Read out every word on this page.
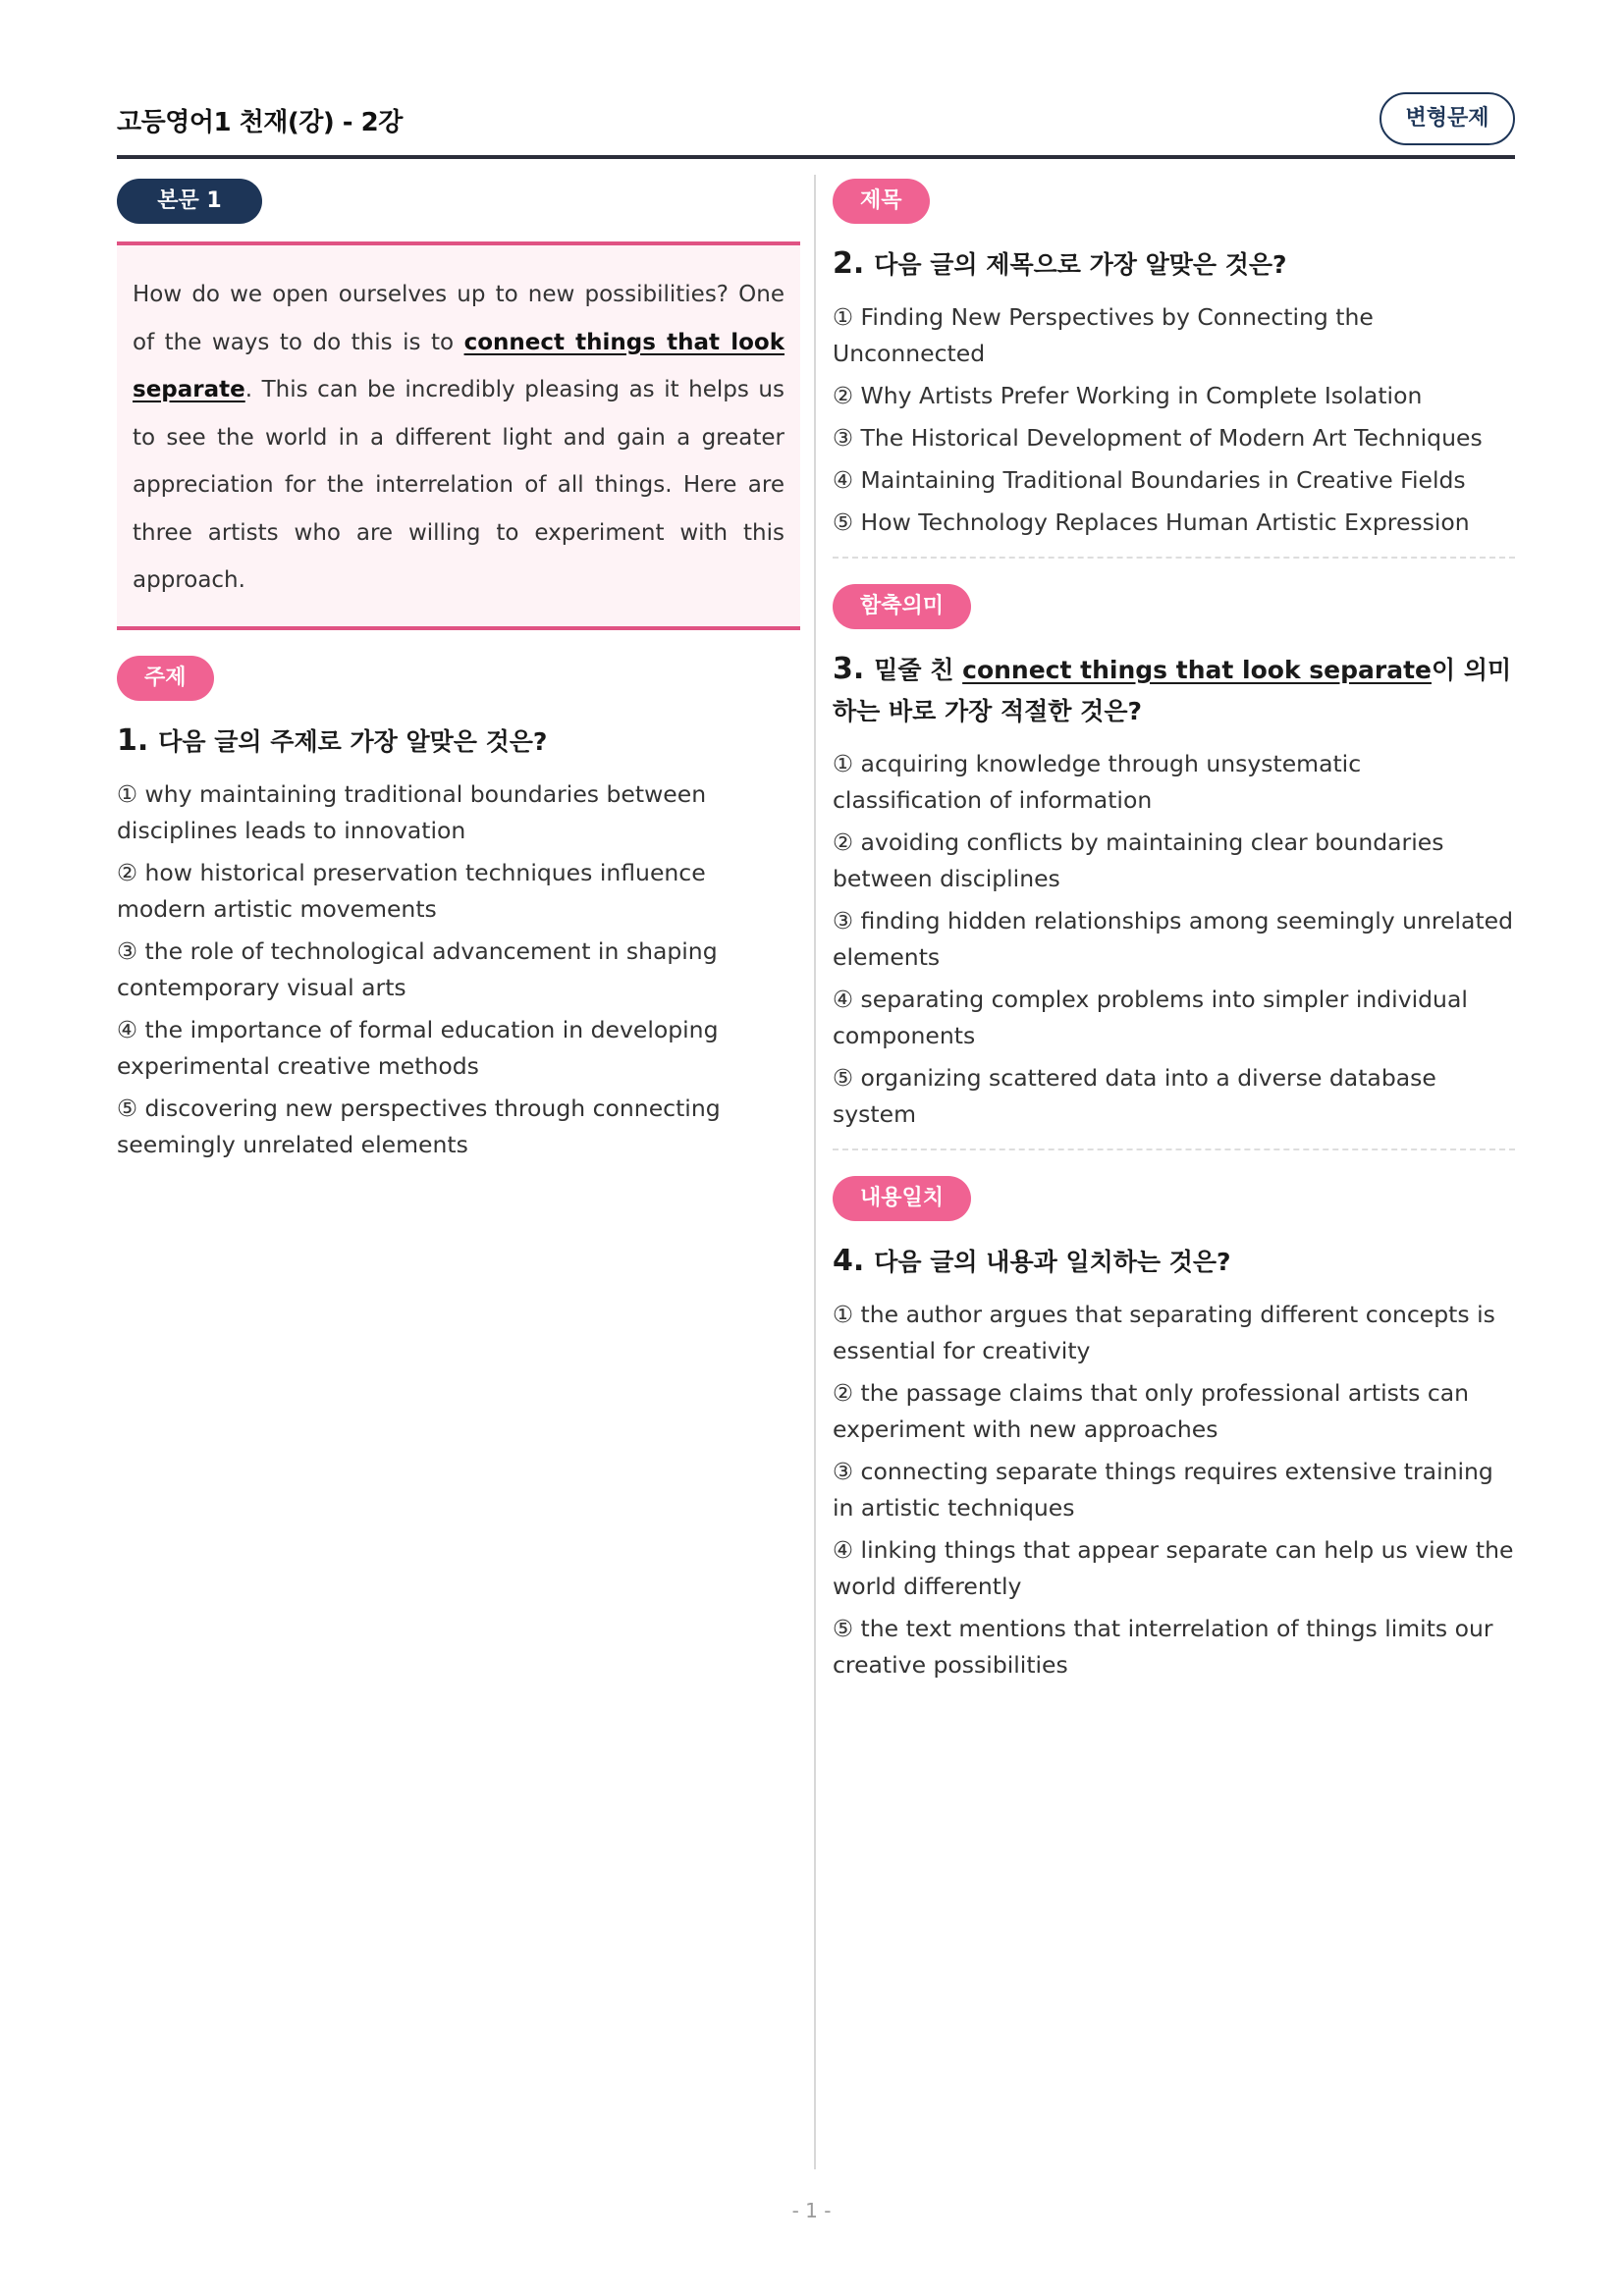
고등영어1 천재(강) - 2강	변형문제
본문 1
How do we open ourselves up to new possibilities? One of the ways to do this is to connect things that look separate. This can be incredibly pleasing as it helps us to see the world in a different light and gain a greater appreciation for the interrelation of all things. Here are three artists who are willing to experiment with this approach.
주제
1. 다음 글의 주제로 가장 알맞은 것은?
① why maintaining traditional boundaries between disciplines leads to innovation
② how historical preservation techniques influence modern artistic movements
③ the role of technological advancement in shaping contemporary visual arts
④ the importance of formal education in developing experimental creative methods
⑤ discovering new perspectives through connecting seemingly unrelated elements
제목
2. 다음 글의 제목으로 가장 알맞은 것은?
① Finding New Perspectives by Connecting the Unconnected
② Why Artists Prefer Working in Complete Isolation
③ The Historical Development of Modern Art Techniques
④ Maintaining Traditional Boundaries in Creative Fields
⑤ How Technology Replaces Human Artistic Expression
함축의미
3. 밑줄 친 connect things that look separate이 의미하는 바로 가장 적절한 것은?
① acquiring knowledge through unsystematic classification of information
② avoiding conflicts by maintaining clear boundaries between disciplines
③ finding hidden relationships among seemingly unrelated elements
④ separating complex problems into simpler individual components
⑤ organizing scattered data into a diverse database system
내용일치
4. 다음 글의 내용과 일치하는 것은?
① the author argues that separating different concepts is essential for creativity
② the passage claims that only professional artists can experiment with new approaches
③ connecting separate things requires extensive training in artistic techniques
④ linking things that appear separate can help us view the world differently
⑤ the text mentions that interrelation of things limits our creative possibilities
- 1 -
